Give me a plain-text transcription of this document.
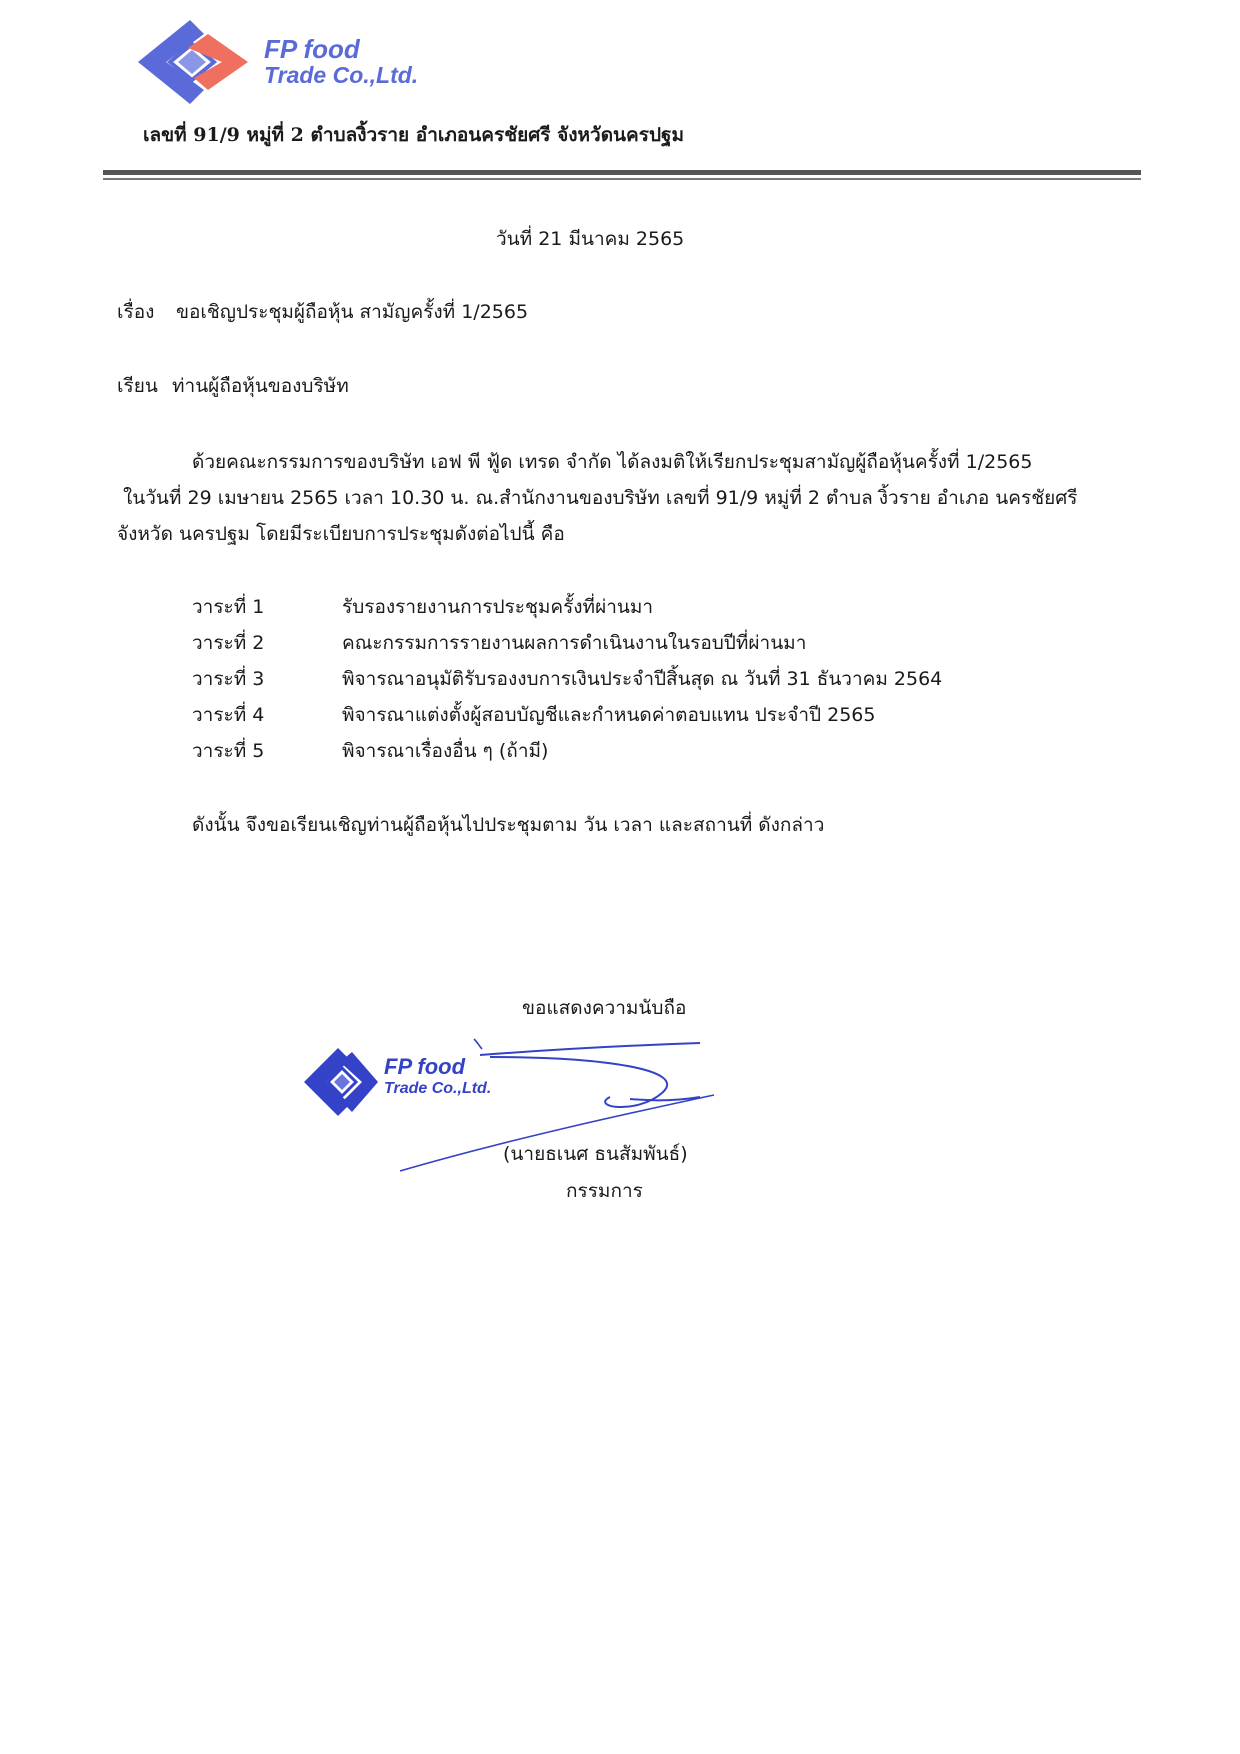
FP food
Trade Co.,Ltd.
เลขที่ 91/9 หมู่ที่ 2 ตำบลงิ้วราย อำเภอนครชัยศรี จังหวัดนครปฐม
วันที่ 21 มีนาคม 2565
เรื่อง ขอเชิญประชุมผู้ถือหุ้น สามัญครั้งที่ 1/2565
เรียน ท่านผู้ถือหุ้นของบริษัท
ด้วยคณะกรรมการของบริษัท เอฟ พี ฟู้ด เทรด จำกัด ได้ลงมติให้เรียกประชุมสามัญผู้ถือหุ้นครั้งที่ 1/2565
ในวันที่ 29 เมษายน 2565 เวลา 10.30 น. ณ.สำนักงานของบริษัท เลขที่ 91/9 หมู่ที่ 2 ตำบล งิ้วราย อำเภอ นครชัยศรี
จังหวัด นครปฐม โดยมีระเบียบการประชุมดังต่อไปนี้ คือ
วาระที่ 1	รับรองรายงานการประชุมครั้งที่ผ่านมา
วาระที่ 2	คณะกรรมการรายงานผลการดำเนินงานในรอบปีที่ผ่านมา
วาระที่ 3	พิจารณาอนุมัติรับรองงบการเงินประจำปีสิ้นสุด ณ วันที่ 31 ธันวาคม 2564
วาระที่ 4	พิจารณาแต่งตั้งผู้สอบบัญชีและกำหนดค่าตอบแทน ประจำปี 2565
วาระที่ 5	พิจารณาเรื่องอื่น ๆ (ถ้ามี)
ดังนั้น จึงขอเรียนเชิญท่านผู้ถือหุ้นไปประชุมตาม วัน เวลา และสถานที่ ดังกล่าว
ขอแสดงความนับถือ
FP food
Trade Co.,Ltd.
(นายธเนศ ธนสัมพันธ์)
กรรมการ
